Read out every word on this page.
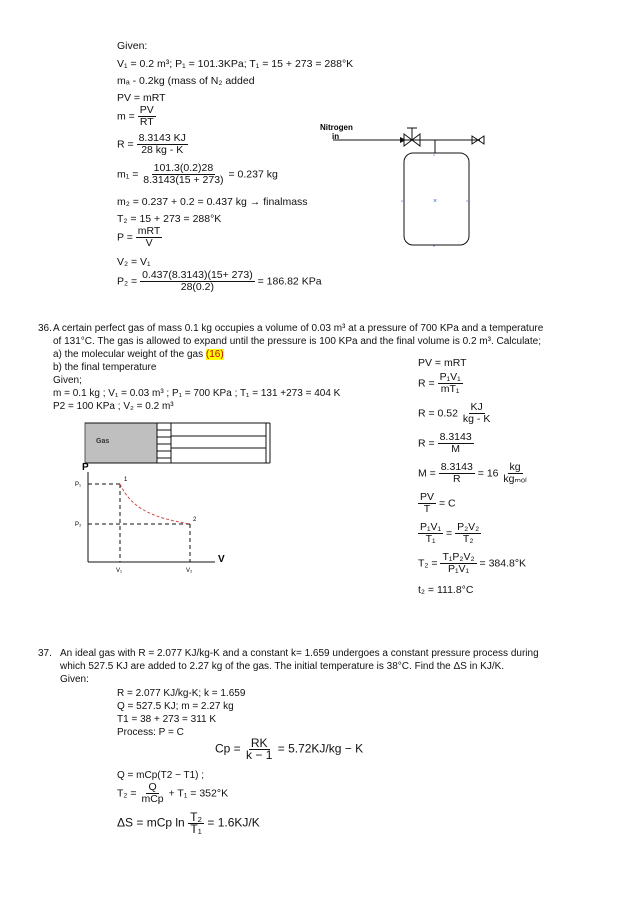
Given:
V₁ = 0.2 m³; P₁ = 101.3KPa; T₁ = 15 + 273 = 288°K
mₐ - 0.2kg (mass of N₂ added
PV = mRT
$m = \frac{PV}{RT}$
$R = \frac{8.3143 KJ}{28 kg - K}$
$m_1 = \frac{101.3(0.2)28}{8.3143(15 + 273)} = 0.237$ kg
m₂ = 0.237 + 0.2 = 0.437 kg → finalmass
T₂ = 15 + 273 = 288°K
$P = \frac{\text{mRT}}{V}$
V₂ = V₁
$P_2 = \frac{0.437(8.3143)(15+ 273)}{28(0.2)} = 186.82$ KPa
Nitrogen
in
×
▫	▫
▫
▫
36. A certain perfect gas of mass 0.1 kg occupies a volume of 0.03 m³ at a pressure of 700 KPa and a temperature
of 131°C. The gas is allowed to expand until the pressure is 100 KPa and the final volume is 0.2 m³. Calculate;
a) the molecular weight of the gas (16)
b) the final temperature
Given;
m = 0.1 kg ; V₁ = 0.03 m³ ; P₁ = 700 KPa ; T₁ = 131 +273 = 404 K
P2 = 100 KPa ; V₂ = 0.2 m³
Gas
P
V
P₁
P₂
V₁	V₂
1
2
PV = mRT
$R = \frac{\text{P₁V₁}}{\text{mT₁}}$
$R = 0.52 \frac{KJ}{kg - K}$
$R = \frac{8.3143}{M}$
$M = \frac{8.3143}{R} = 16 \frac{kg}{\text{kgₘₒₗ}}$
$\frac{PV}{T} = C$
$\frac{\text{P₁V₁}}{\text{T₁}} = \frac{\text{P₂V₂}}{\text{T₂}}$
$T_2 = \frac{\text{T₁P₂V₂}}{\text{P₁V₁}} = 384.8^\circ K$
t₂ = 111.8°C
37. An ideal gas with R = 2.077 KJ/kg-K and a constant k= 1.659 undergoes a constant pressure process during
which 527.5 KJ are added to 2.27 kg of the gas. The initial temperature is 38°C. Find the ΔS in KJ/K.
Given:
R = 2.077 KJ/kg-K; k = 1.659
Q = 527.5 KJ; m = 2.27 kg
T1 = 38 + 273 = 311 K
Process: P = C
$Cp = \frac{RK}{k - 1} = 5.72KJ/kg - K$
Q = mCp(T2 − T1) ;
$T_2 = \frac{Q}{\text{mCp}} + T_1 = 352^\circ K$
ΔS = mCp $\ln \frac{\text{T₂}}{\text{T₁}} = 1.6KJ/K$
